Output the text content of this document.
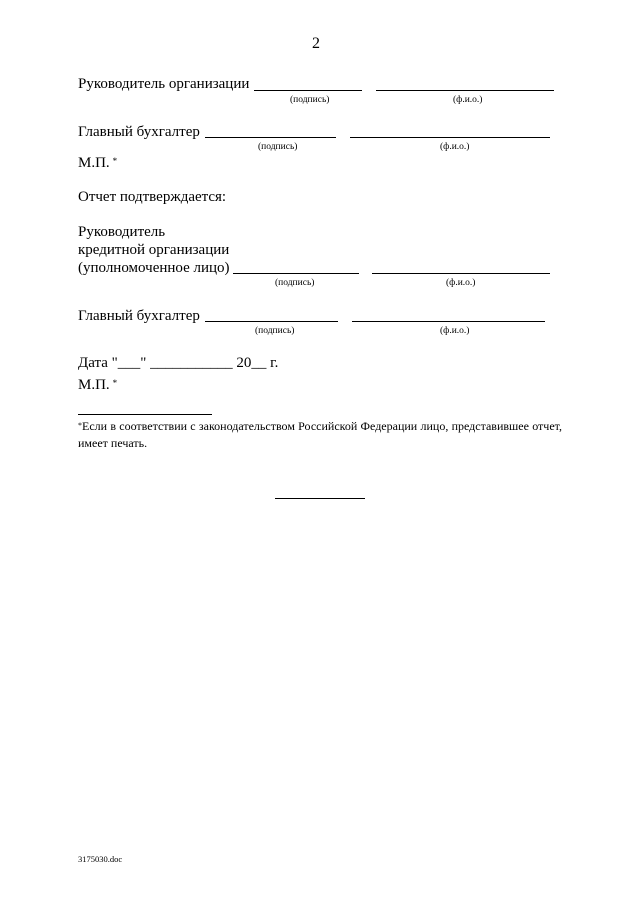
2
Руководитель организации
(подпись)	(ф.и.о.)
Главный бухгалтер
(подпись)	(ф.и.о.)
М.П. *
Отчет подтверждается:
Руководитель
кредитной организации
(уполномоченное лицо)
(подпись)	(ф.и.о.)
Главный бухгалтер
(подпись)	(ф.и.о.)
Дата "___" ___________ 20__ г.
М.П. *
*Если в соответствии с законодательством Российской Федерации лицо, представившее отчет, имеет печать.
3175030.doc
